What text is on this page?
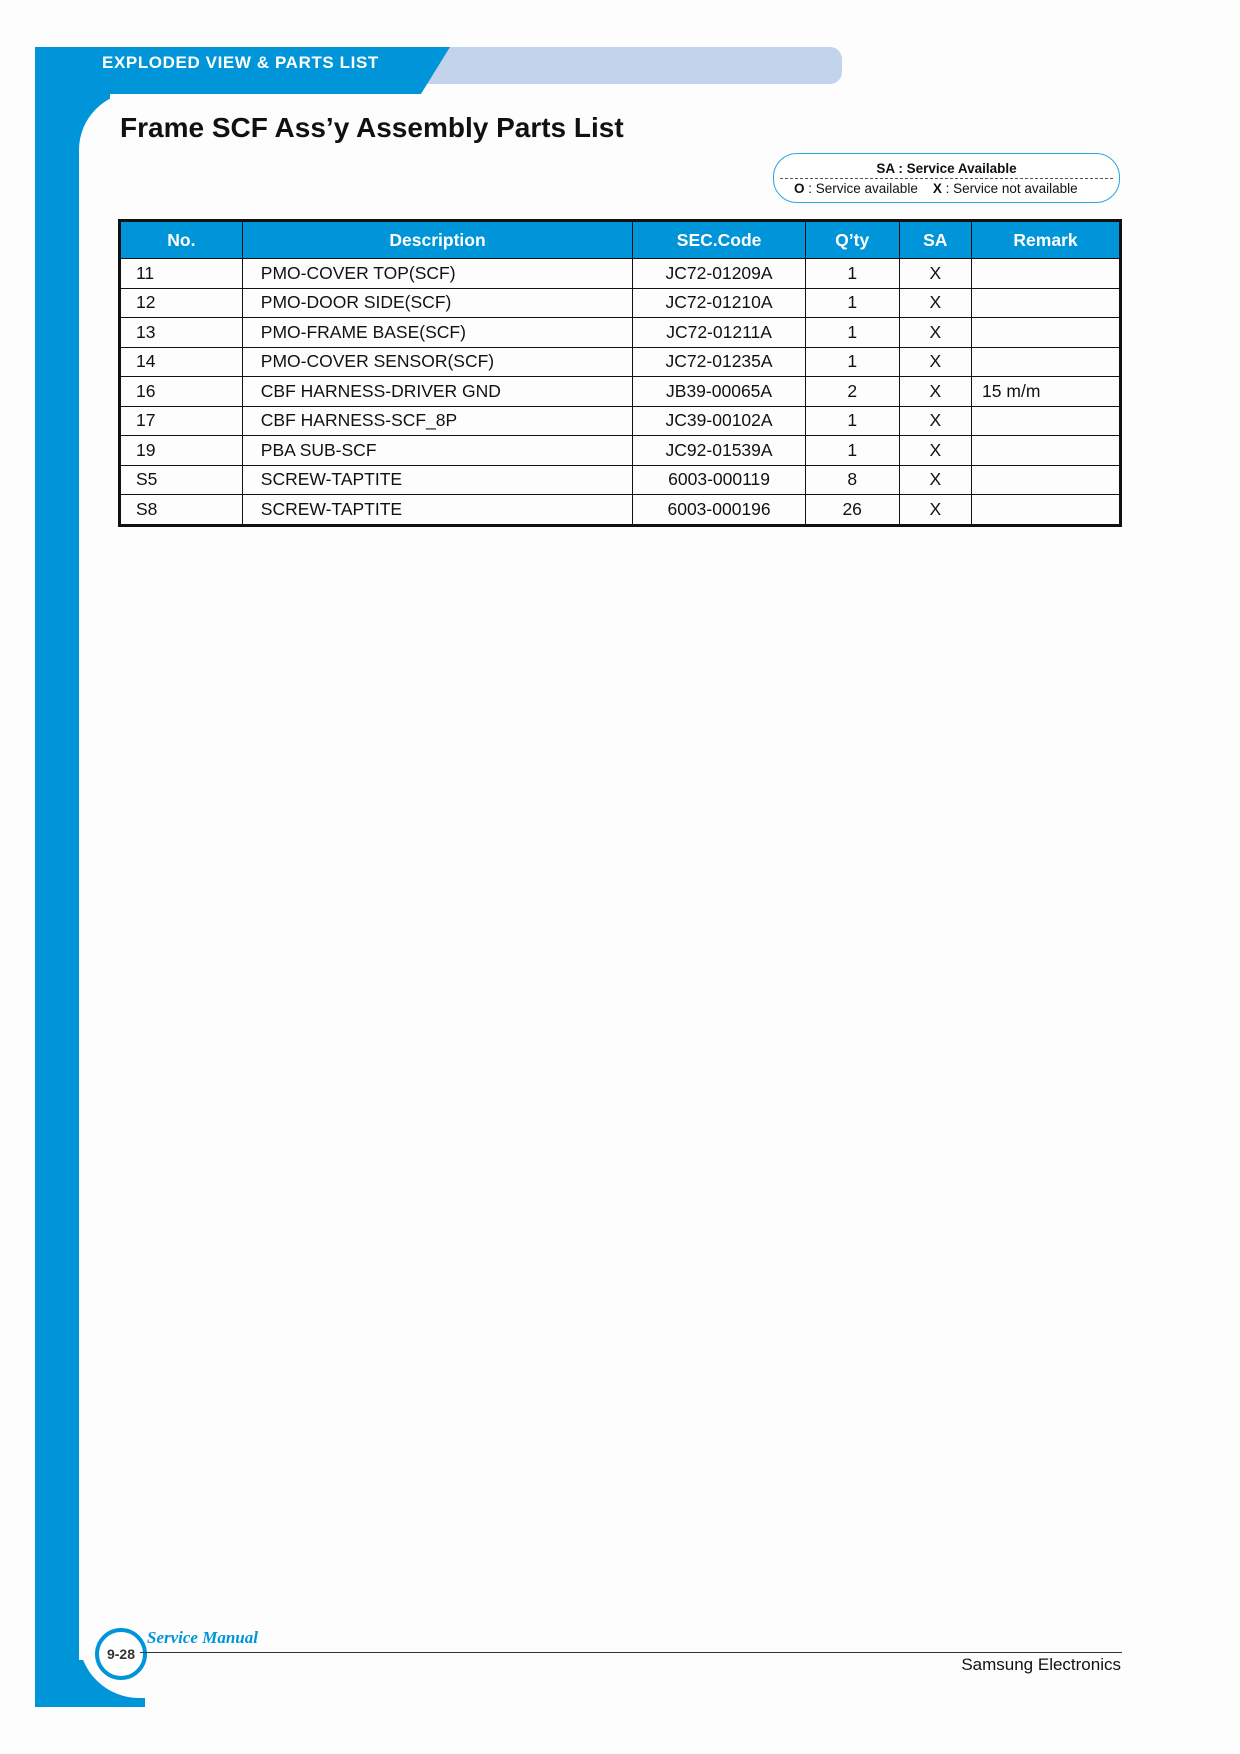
EXPLODED VIEW & PARTS LIST
Frame SCF Ass’y Assembly Parts List
SA : Service Available
O : Service available X : Service not available
No.	Description	SEC.Code	Q’ty	SA	Remark
11	PMO-COVER TOP(SCF)	JC72-01209A	1	X	
12	PMO-DOOR SIDE(SCF)	JC72-01210A	1	X	
13	PMO-FRAME BASE(SCF)	JC72-01211A	1	X	
14	PMO-COVER SENSOR(SCF)	JC72-01235A	1	X	
16	CBF HARNESS-DRIVER GND	JB39-00065A	2	X	15 m/m
17	CBF HARNESS-SCF_8P	JC39-00102A	1	X	
19	PBA SUB-SCF	JC92-01539A	1	X	
S5	SCREW-TAPTITE	6003-000119	8	X	
S8	SCREW-TAPTITE	6003-000196	26	X	
9-28
Service Manual
Samsung Electronics
